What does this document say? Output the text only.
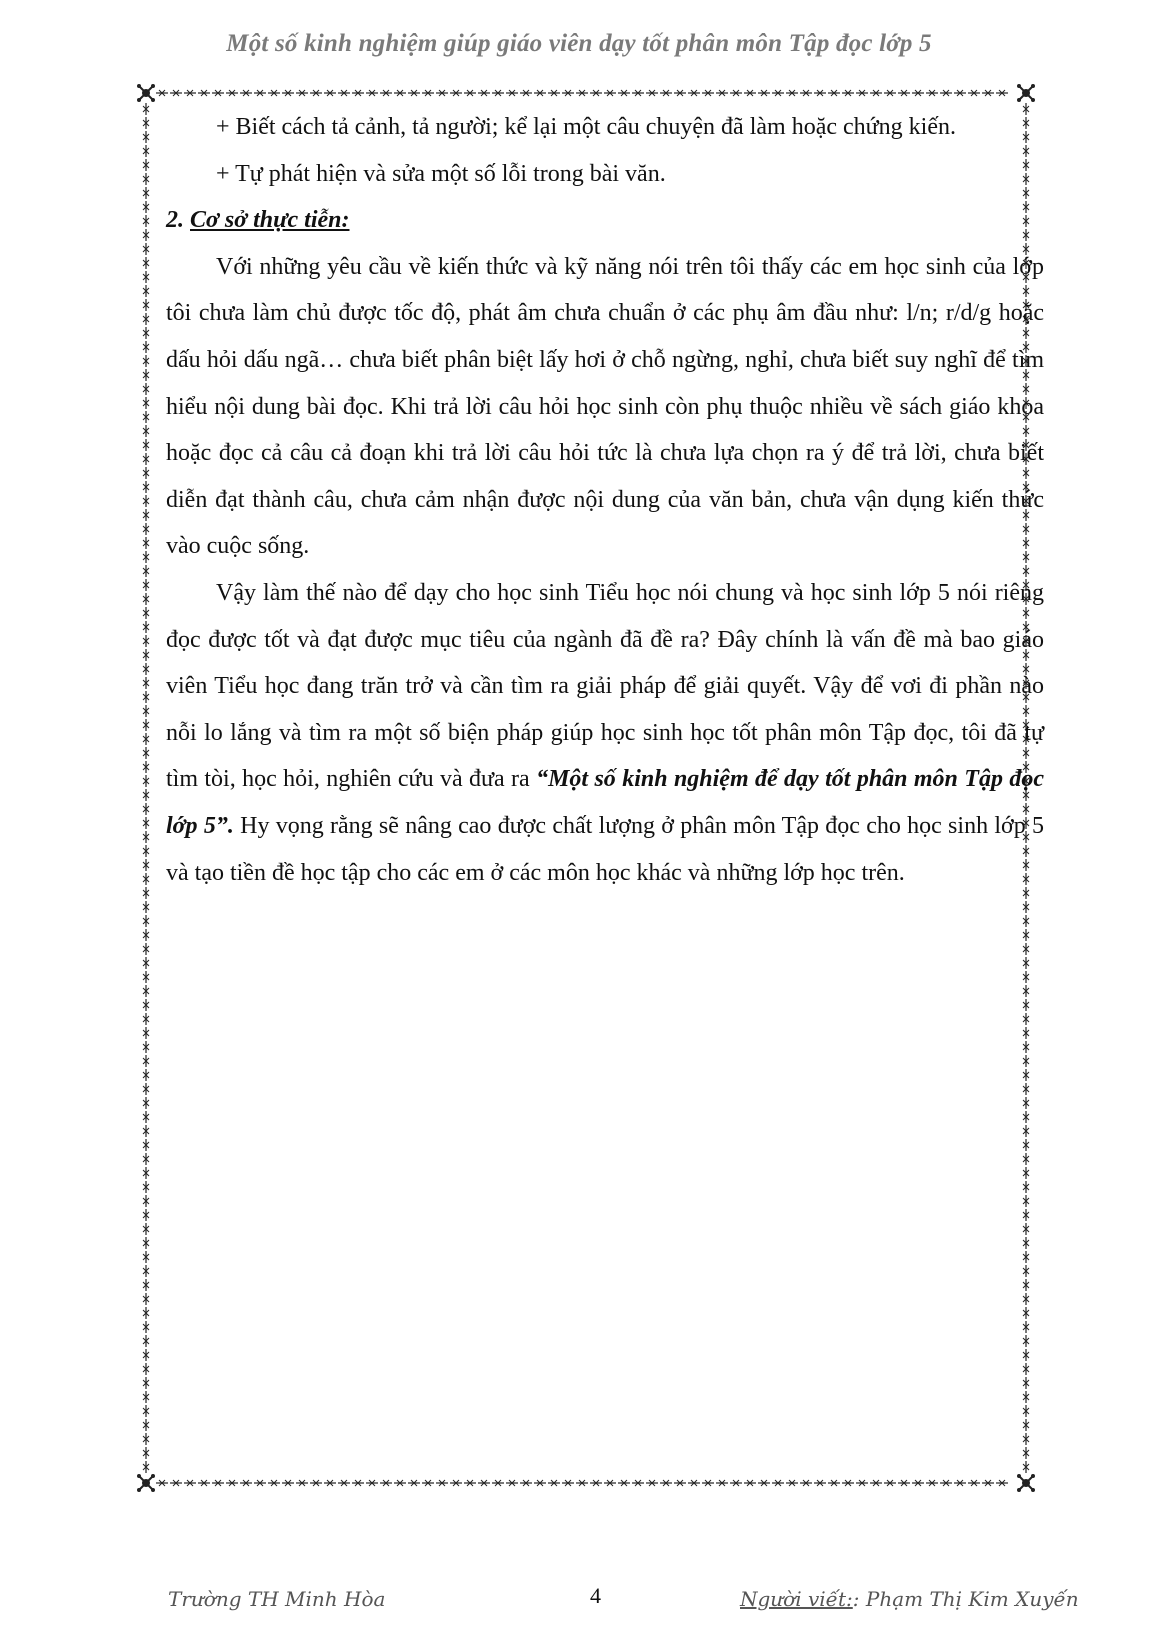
Một số kinh nghiệm giúp giáo viên dạy tốt phân môn Tập đọc lớp 5

+ Biết cách tả cảnh, tả người; kể lại một câu chuyện đã làm hoặc chứng kiến.

+ Tự phát hiện và sửa một số lỗi trong bài văn.

2. Cơ sở thực tiễn:

Với những yêu cầu về kiến thức và kỹ năng nói trên tôi thấy các em học sinh của lớp tôi chưa làm chủ được tốc độ, phát âm chưa chuẩn ở các phụ âm đầu như: l/n; r/d/g hoặc dấu hỏi dấu ngã… chưa biết phân biệt lấy hơi ở chỗ ngừng, nghỉ, chưa biết suy nghĩ để tìm hiểu nội dung bài đọc. Khi trả lời câu hỏi học sinh còn phụ thuộc nhiều về sách giáo khoa hoặc đọc cả câu cả đoạn khi trả lời câu hỏi tức là chưa lựa chọn ra ý để trả lời, chưa biết diễn đạt thành câu, chưa cảm nhận được nội dung của văn bản, chưa vận dụng kiến thức vào cuộc sống.

Vậy làm thế nào để dạy cho học sinh Tiểu học nói chung và học sinh lớp 5 nói riêng đọc được tốt và đạt được mục tiêu của ngành đã đề ra? Đây chính là vấn đề mà bao giáo viên Tiểu học đang trăn trở và cần tìm ra giải pháp để giải quyết. Vậy để vơi đi phần nào nỗi lo lắng và tìm ra một số biện pháp giúp học sinh học tốt phân môn Tập đọc, tôi đã tự tìm tòi, học hỏi, nghiên cứu và đưa ra “Một số kinh nghiệm để dạy tốt phân môn Tập đọc lớp 5”. Hy vọng rằng sẽ nâng cao được chất lượng ở phân môn Tập đọc cho học sinh lớp 5 và tạo tiền đề học tập cho các em ở các môn học khác và những lớp học trên.

Trường TH Minh Hòa	4	Người viết:: Phạm Thị Kim Xuyến
